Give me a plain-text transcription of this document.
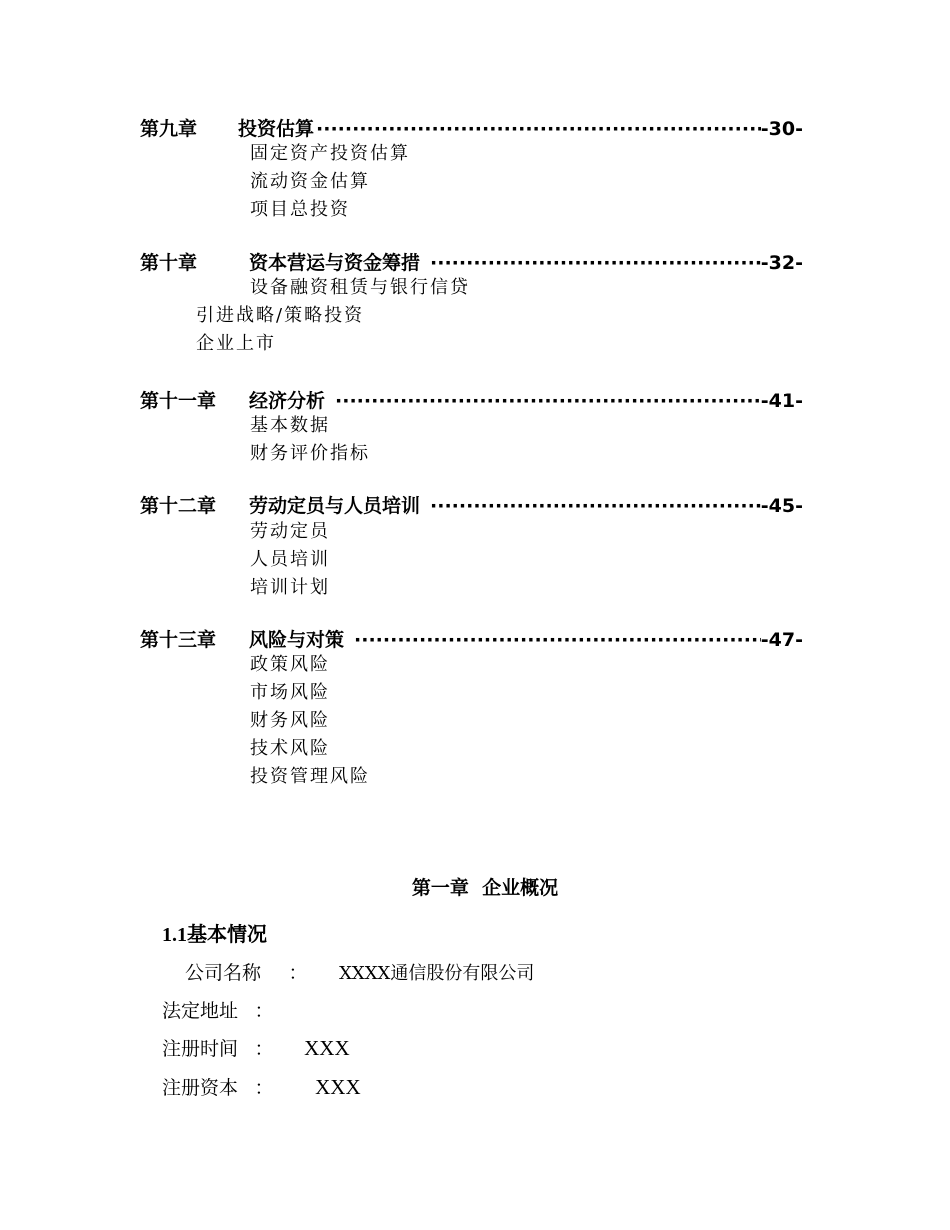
第九章	投资估算 ·····	-30-
固定资产投资估算
流动资金估算
项目总投资
第十章	资本营运与资金筹措 ·····	-32-
设备融资租赁与银行信贷
引进战略/策略投资
企业上市
第十一章	经济分析 ·····	-41-
基本数据
财务评价指标
第十二章	劳动定员与人员培训 ·····	-45-
劳动定员
人员培训
培训计划
第十三章	风险与对策 ·····	-47-
政策风险
市场风险
财务风险
技术风险
投资管理风险
第一章  企业概况
1.1基本情况
公司名称 ： XXXX通信股份有限公司
法定地址 ：
注册时间 ： XXX
注册资本 ： XXX
